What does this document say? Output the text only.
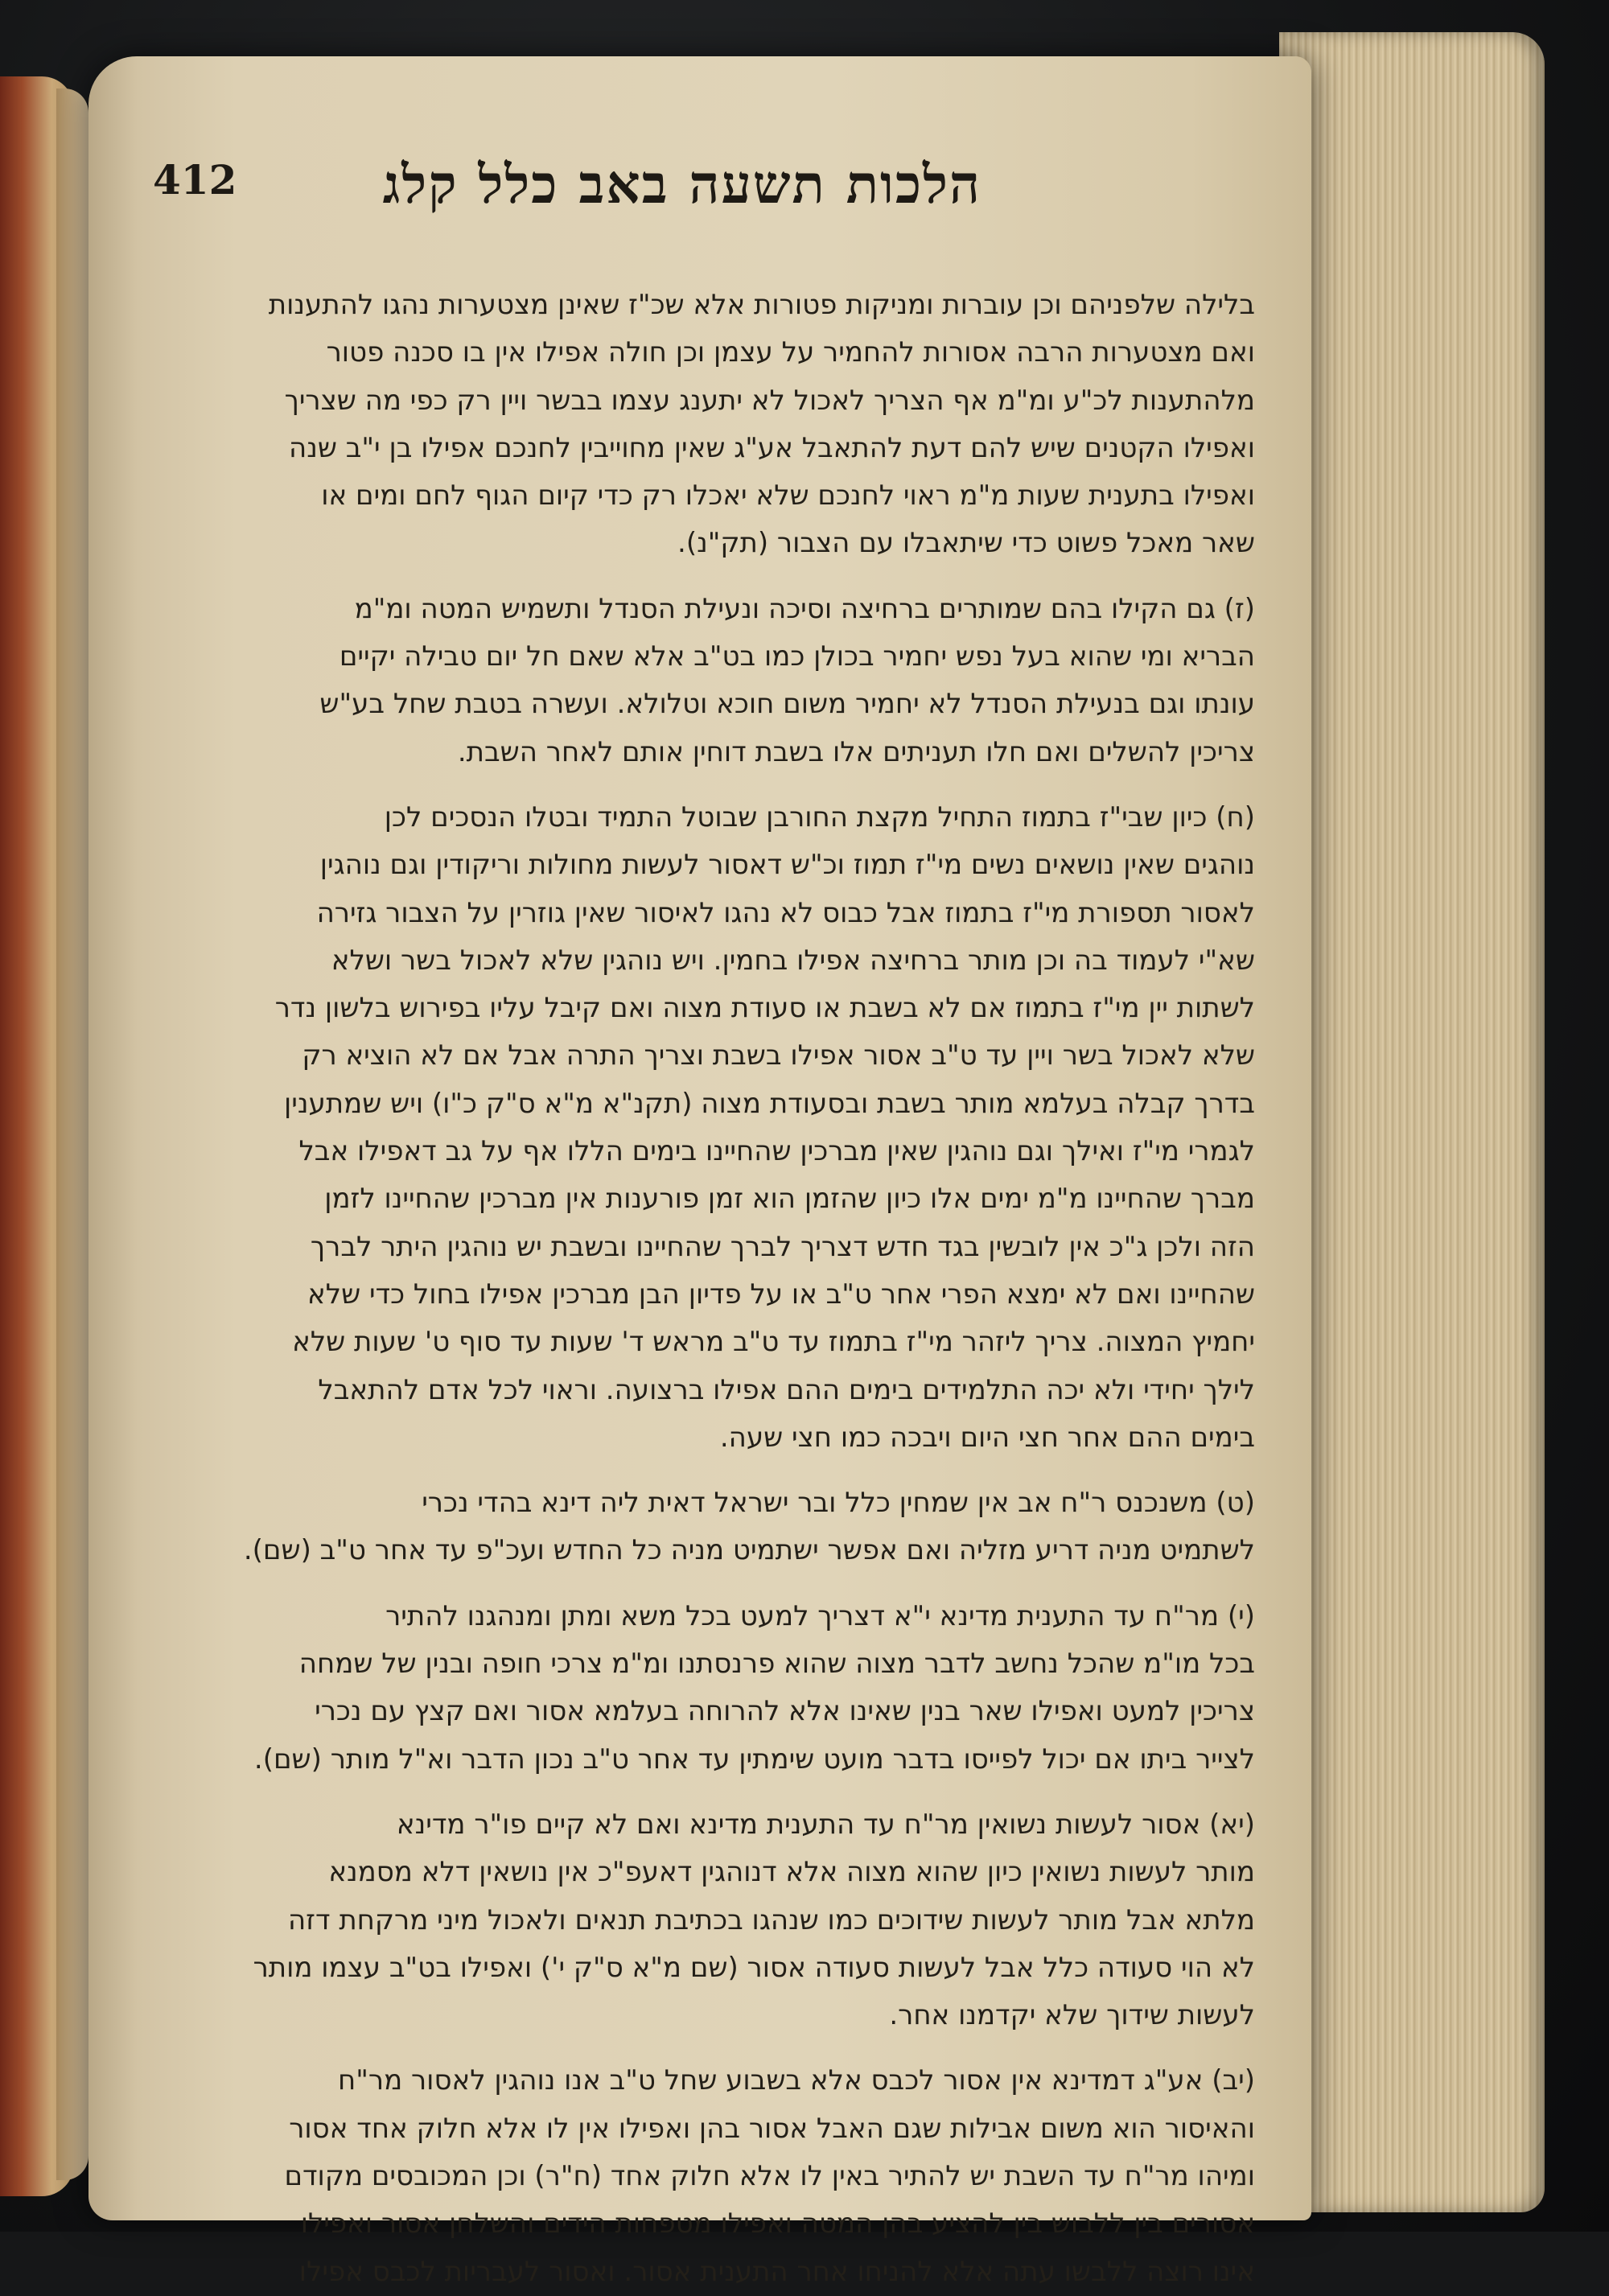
הלכות תשעה באב כלל קלג
412
בלילה שלפניהם וכן עוברות ומניקות פטורות אלא שכ"ז שאינן מצטערות נהגו להתענות
ואם מצטערות הרבה אסורות להחמיר על עצמן וכן חולה אפילו אין בו סכנה פטור
מלהתענות לכ"ע ומ"מ אף הצריך לאכול לא יתענג עצמו בבשר ויין רק כפי מה שצריך
ואפילו הקטנים שיש להם דעת להתאבל אע"ג שאין מחוייבין לחנכם אפילו בן י"ב שנה
ואפילו בתענית שעות מ"מ ראוי לחנכם שלא יאכלו רק כדי קיום הגוף לחם ומים או
שאר מאכל פשוט כדי שיתאבלו עם הצבור (תק"נ).
(ז) גם הקילו בהם שמותרים ברחיצה וסיכה ונעילת הסנדל ותשמיש המטה ומ"מ
הבריא ומי שהוא בעל נפש יחמיר בכולן כמו בט"ב אלא שאם חל יום טבילה יקיים
עונתו וגם בנעילת הסנדל לא יחמיר משום חוכא וטלולא. ועשרה בטבת שחל בע"ש
צריכין להשלים ואם חלו תעניתים אלו בשבת דוחין אותם לאחר השבת.
(ח) כיון שבי"ז בתמוז התחיל מקצת החורבן שבוטל התמיד ובטלו הנסכים לכן
נוהגים שאין נושאים נשים מי"ז תמוז וכ"ש דאסור לעשות מחולות וריקודין וגם נוהגין
לאסור תספורת מי"ז בתמוז אבל כבוס לא נהגו לאיסור שאין גוזרין על הצבור גזירה
שא"י לעמוד בה וכן מותר ברחיצה אפילו בחמין. ויש נוהגין שלא לאכול בשר ושלא
לשתות יין מי"ז בתמוז אם לא בשבת או סעודת מצוה ואם קיבל עליו בפירוש בלשון נדר
שלא לאכול בשר ויין עד ט"ב אסור אפילו בשבת וצריך התרה אבל אם לא הוציא רק
בדרך קבלה בעלמא מותר בשבת ובסעודת מצוה (תקנ"א מ"א ס"ק כ"ו) ויש שמתענין
לגמרי מי"ז ואילך וגם נוהגין שאין מברכין שהחיינו בימים הללו אף על גב דאפילו אבל
מברך שהחיינו מ"מ ימים אלו כיון שהזמן הוא זמן פורענות אין מברכין שהחיינו לזמן
הזה ולכן ג"כ אין לובשין בגד חדש דצריך לברך שהחיינו ובשבת יש נוהגין היתר לברך
שהחיינו ואם לא ימצא הפרי אחר ט"ב או על פדיון הבן מברכין אפילו בחול כדי שלא
יחמיץ המצוה. צריך ליזהר מי"ז בתמוז עד ט"ב מראש ד' שעות עד סוף ט' שעות שלא
לילך יחידי ולא יכה התלמידים בימים ההם אפילו ברצועה. וראוי לכל אדם להתאבל
בימים ההם אחר חצי היום ויבכה כמו חצי שעה.
(ט) משנכנס ר"ח אב אין שמחין כלל ובר ישראל דאית ליה דינא בהדי נכרי
לשתמיט מניה דריע מזליה ואם אפשר ישתמיט מניה כל החדש ועכ"פ עד אחר ט"ב (שם).
(י) מר"ח עד התענית מדינא י"א דצריך למעט בכל משא ומתן ומנהגנו להתיר
בכל מו"מ שהכל נחשב לדבר מצוה שהוא פרנסתנו ומ"מ צרכי חופה ובנין של שמחה
צריכין למעט ואפילו שאר בנין שאינו אלא להרוחה בעלמא אסור ואם קצץ עם נכרי
לצייר ביתו אם יכול לפייסו בדבר מועט שימתין עד אחר ט"ב נכון הדבר וא"ל מותר (שם).
(יא) אסור לעשות נשואין מר"ח עד התענית מדינא ואם לא קיים פו"ר מדינא
מותר לעשות נשואין כיון שהוא מצוה אלא דנוהגין דאעפ"כ אין נושאין דלא מסמנא
מלתא אבל מותר לעשות שידוכים כמו שנהגו בכתיבת תנאים ולאכול מיני מרקחת דזה
לא הוי סעודה כלל אבל לעשות סעודה אסור (שם מ"א ס"ק י') ואפילו בט"ב עצמו מותר
לעשות שידוך שלא יקדמנו אחר.
(יב) אע"ג דמדינא אין אסור לכבס אלא בשבוע שחל ט"ב אנו נוהגין לאסור מר"ח
והאיסור הוא משום אבילות שגם האבל אסור בהן ואפילו אין לו אלא חלוק אחד אסור
ומיהו מר"ח עד השבת יש להתיר באין לו אלא חלוק אחד (ח"ר) וכן המכובסים מקודם
אסורים בין ללבוש בין להציע בהן המטה ואפילו מטפחות הידים והשלחן אסור ואפילו
אינו רוצה ללבשו עתה אלא להניחו אחר התענית אסור. ואסור לעבריות לכבס אפילו
